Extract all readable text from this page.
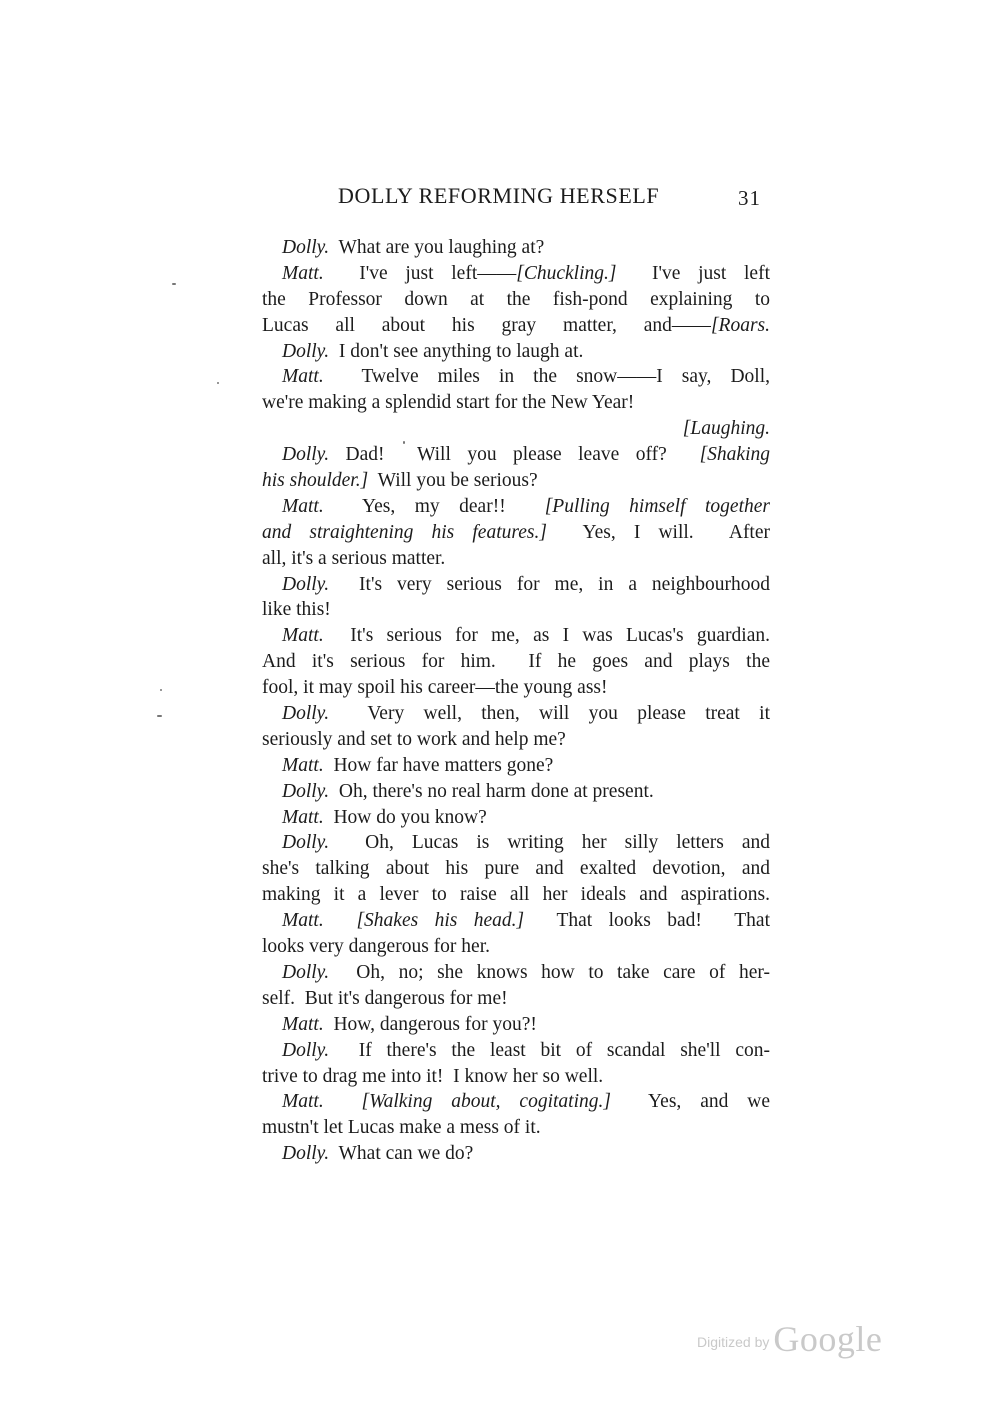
DOLLY REFORMING HERSELF	31
Dolly.  What are you laughing at?
Matt.  I've just left——[Chuckling.]  I've just left
the Professor down at the fish-pond explaining to
Lucas all about his gray matter, and——[Roars.
Dolly.  I don't see anything to laugh at.
Matt.  Twelve miles in the snow——I say, Doll,
we're making a splendid start for the New Year!
[Laughing.
Dolly. Dad!  Will you please leave off?  [Shaking
his shoulder.]  Will you be serious?
Matt.  Yes, my dear!!  [Pulling himself together
and straightening his features.]  Yes, I will.  After
all, it's a serious matter.
Dolly.  It's very serious for me, in a neighbourhood
like this!
Matt.  It's serious for me, as I was Lucas's guardian.
And it's serious for him.  If he goes and plays the
fool, it may spoil his career—the young ass!
Dolly.  Very well, then, will you please treat it
seriously and set to work and help me?
Matt.  How far have matters gone?
Dolly.  Oh, there's no real harm done at present.
Matt.  How do you know?
Dolly.  Oh, Lucas is writing her silly letters and
she's talking about his pure and exalted devotion, and
making it a lever to raise all her ideals and aspirations.
Matt. [Shakes his head.]  That looks bad!  That
looks very dangerous for her.
Dolly.  Oh, no; she knows how to take care of her-
self.  But it's dangerous for me!
Matt.  How, dangerous for you?!
Dolly.  If there's the least bit of scandal she'll con-
trive to drag me into it!  I know her so well.
Matt. [Walking about, cogitating.]  Yes, and we
mustn't let Lucas make a mess of it.
Dolly.  What can we do?
Digitized by Google
